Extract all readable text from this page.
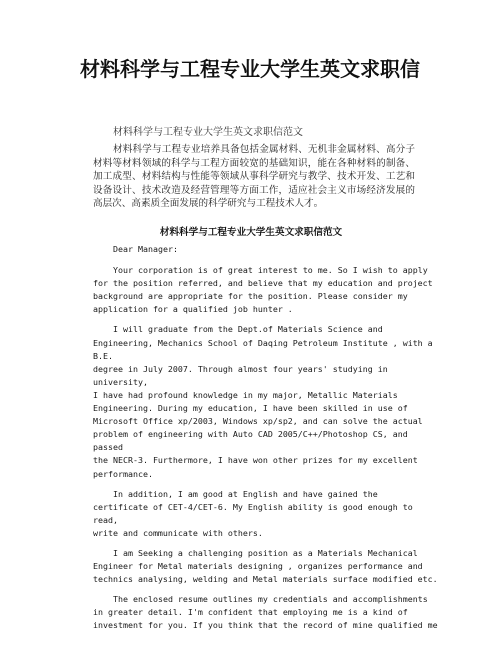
材料科学与工程专业大学生英文求职信
材料科学与工程专业大学生英文求职信范文
材料科学与工程专业培养具备包括金属材料、无机非金属材料、高分子材料等材料领域的科学与工程方面较宽的基础知识，能在各种材料的制备、加工成型、材料结构与性能等领域从事科学研究与教学、技术开发、工艺和设备设计、技术改造及经营管理等方面工作，适应社会主义市场经济发展的高层次、高素质全面发展的科学研究与工程技术人才。
材料科学与工程专业大学生英文求职信范文

Dear Manager:

Your corporation is of great interest to me. So I wish to apply
for the position referred, and believe that my education and project
background are appropriate for the position. Please consider my
application for a qualified job hunter .

I will graduate from the Dept.of Materials Science and
Engineering, Mechanics School of Daqing Petroleum Institute , with a B.E.
degree in July 2007. Through almost four years' studying in university,
I have had profound knowledge in my major, Metallic Materials
Engineering. During my education, I have been skilled in use of
Microsoft Office xp/2003, Windows xp/sp2, and can solve the actual
problem of engineering with Auto CAD 2005/C++/Photoshop CS, and passed
the NECR-3. Furthermore, I have won other prizes for my excellent
performance.

In addition, I am good at English and have gained the
certificate of CET-4/CET-6. My English ability is good enough to read,
write and communicate with others.

I am Seeking a challenging position as a Materials Mechanical
Engineer for Metal materials designing , organizes performance and
technics analysing, welding and Metal materials surface modified etc.

The enclosed resume outlines my credentials and accomplishments
in greater detail. I'm confident that employing me is a kind of
investment for you. If you think that the record of mine qualified me
